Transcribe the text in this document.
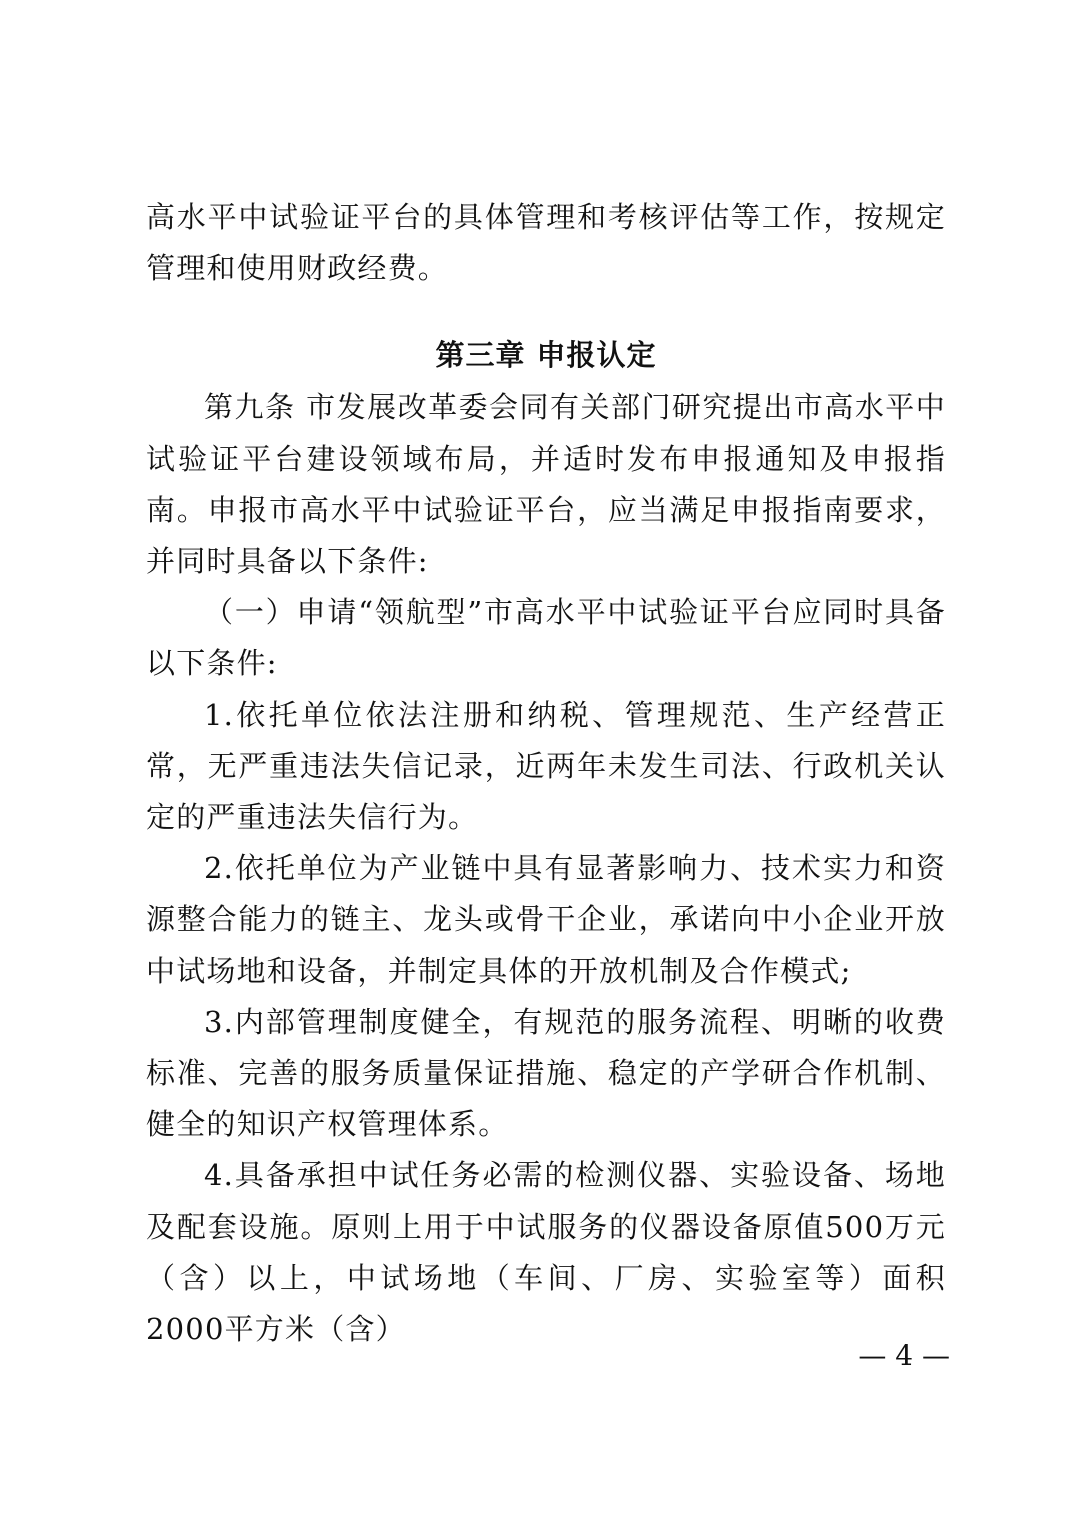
高水平中试验证平台的具体管理和考核评估等工作，按规定管理和使用财政经费。

第三章 申报认定

第九条 市发展改革委会同有关部门研究提出市高水平中试验证平台建设领域布局，并适时发布申报通知及申报指南。申报市高水平中试验证平台，应当满足申报指南要求，并同时具备以下条件:

（一）申请“领航型”市高水平中试验证平台应同时具备以下条件:

1.依托单位依法注册和纳税、管理规范、生产经营正常，无严重违法失信记录，近两年未发生司法、行政机关认定的严重违法失信行为。

2.依托单位为产业链中具有显著影响力、技术实力和资源整合能力的链主、龙头或骨干企业，承诺向中小企业开放中试场地和设备，并制定具体的开放机制及合作模式;

3.内部管理制度健全，有规范的服务流程、明晰的收费标准、完善的服务质量保证措施、稳定的产学研合作机制、健全的知识产权管理体系。

4.具备承担中试任务必需的检测仪器、实验设备、场地及配套设施。原则上用于中试服务的仪器设备原值500万元（含）以上，中试场地（车间、厂房、实验室等）面积2000平方米（含）

— 4 —
